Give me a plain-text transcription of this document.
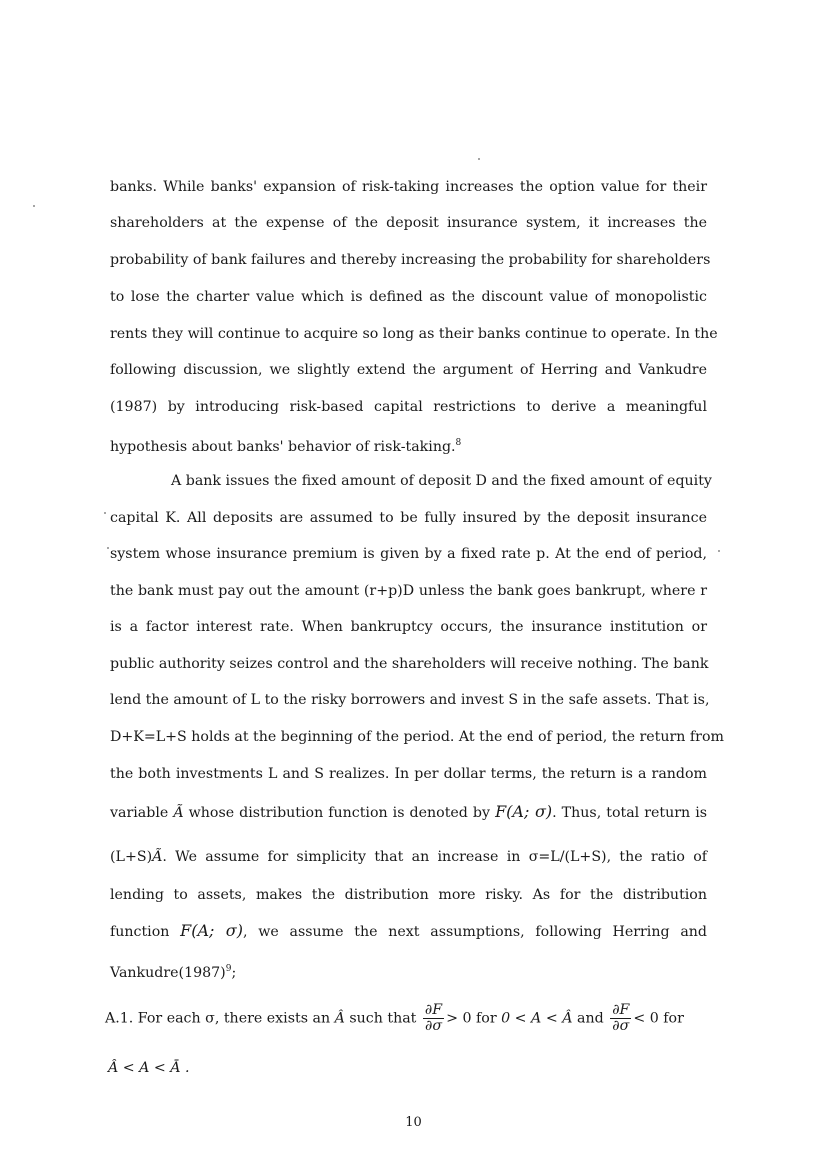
banks. While banks' expansion of risk-taking increases the option value for their
shareholders at the expense of the deposit insurance system, it increases the
probability of bank failures and thereby increasing the probability for shareholders
to lose the charter value which is defined as the discount value of monopolistic
rents they will continue to acquire so long as their banks continue to operate. In the
following discussion, we slightly extend the argument of Herring and Vankudre
(1987) by introducing risk-based capital restrictions to derive a meaningful
hypothesis about banks' behavior of risk-taking.$^8$
A bank issues the fixed amount of deposit D and the fixed amount of equity
capital K. All deposits are assumed to be fully insured by the deposit insurance
system whose insurance premium is given by a fixed rate p. At the end of period,
the bank must pay out the amount (r+p)D unless the bank goes bankrupt, where r
is a factor interest rate. When bankruptcy occurs, the insurance institution or
public authority seizes control and the shareholders will receive nothing. The bank
lend the amount of L to the risky borrowers and invest S in the safe assets. That is,
D+K=L+S holds at the beginning of the period. At the end of period, the return from
the both investments L and S realizes. In per dollar terms, the return is a random
variable Ã whose distribution function is denoted by F(A; σ). Thus, total return is
(L+S)Ã. We assume for simplicity that an increase in σ=L/(L+S), the ratio of
lending to assets, makes the distribution more risky. As for the distribution
function F(A; σ), we assume the next assumptions, following Herring and
$Vankudre(1987)^9$;
A.1. For each σ, there exists an Â such that $\frac{\partial F}{\partial\sigma} > 0$ for 0 < A < Â and $\frac{\partial F}{\partial\sigma} < 0$ for
Â < A < Ā .
10
